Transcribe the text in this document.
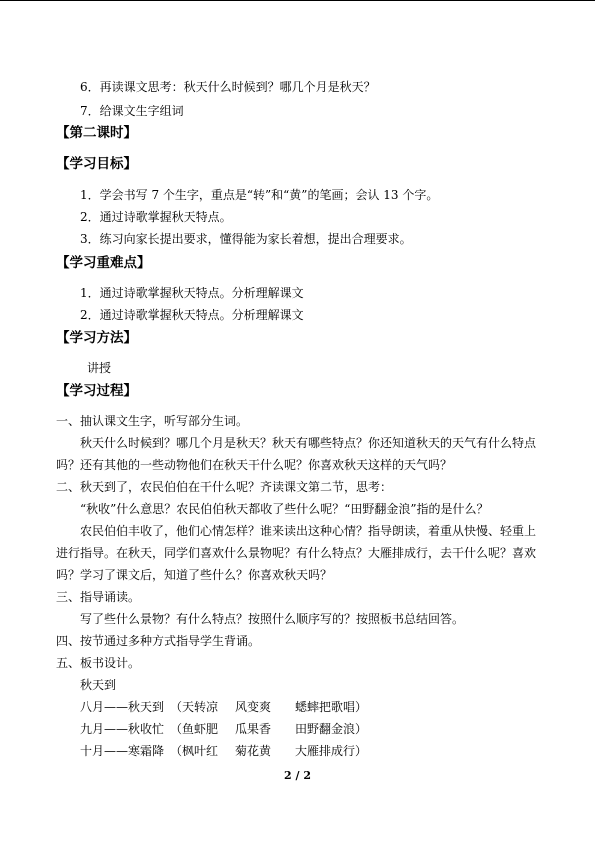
6．再读课文思考：秋天什么时候到？哪几个月是秋天？
7．给课文生字组词
【第二课时】
【学习目标】
1．学会书写 7 个生字，重点是“转”和“黄”的笔画；会认 13 个字。
2．通过诗歌掌握秋天特点。
3．练习向家长提出要求，懂得能为家长着想，提出合理要求。
【学习重难点】
1．通过诗歌掌握秋天特点。分析理解课文
2．通过诗歌掌握秋天特点。分析理解课文
【学习方法】
讲授
【学习过程】
一、抽认课文生字，听写部分生词。
秋天什么时候到？哪几个月是秋天？秋天有哪些特点？你还知道秋天的天气有什么特点
吗？还有其他的一些动物他们在秋天干什么呢？你喜欢秋天这样的天气吗？
二、秋天到了，农民伯伯在干什么呢？齐读课文第二节，思考：
“秋收”什么意思？农民伯伯秋天都收了些什么呢？“田野翻金浪”指的是什么？
农民伯伯丰收了，他们心情怎样？谁来读出这种心情？指导朗读，着重从快慢、轻重上
进行指导。在秋天，同学们喜欢什么景物呢？有什么特点？大雁排成行，去干什么呢？喜欢
吗？学习了课文后，知道了些什么？你喜欢秋天吗？
三、指导诵读。
写了些什么景物？有什么特点？按照什么顺序写的？按照板书总结回答。
四、按节通过多种方式指导学生背诵。
五、板书设计。
秋天到
八月——秋天到 （天转凉 风变爽 蟋蟀把歌唱）
九月——秋收忙 （鱼虾肥 瓜果香 田野翻金浪）
十月——寒霜降 （枫叶红 菊花黄 大雁排成行）
2 / 2
